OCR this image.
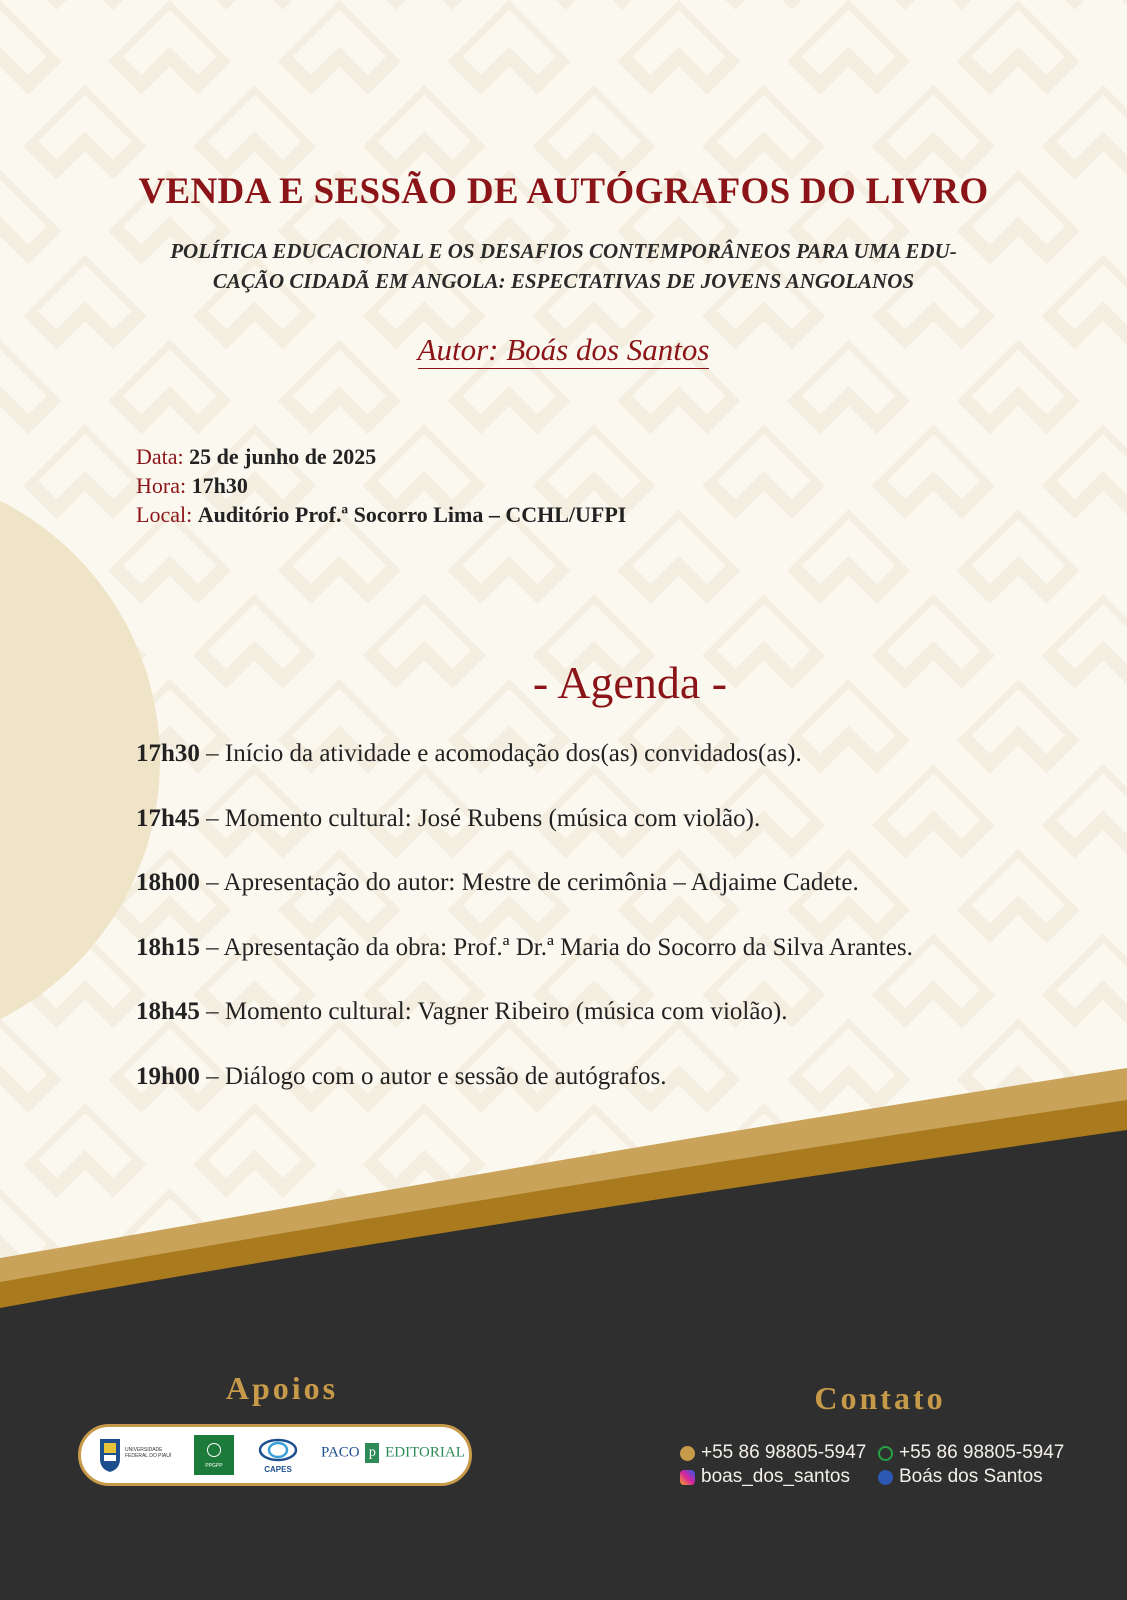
VENDA E SESSÃO DE AUTÓGRAFOS DO LIVRO
POLÍTICA EDUCACIONAL E OS DESAFIOS CONTEMPORÂNEOS PARA UMA EDU-
CAÇÃO CIDADÃ EM ANGOLA: ESPECTATIVAS DE JOVENS ANGOLANOS
Autor: Boás dos Santos
Data: 25 de junho de 2025
Hora: 17h30
Local: Auditório Prof.ª Socorro Lima – CCHL/UFPI
- Agenda -
17h30 – Início da atividade e acomodação dos(as) convidados(as).
17h45 – Momento cultural: José Rubens (música com violão).
18h00 – Apresentação do autor: Mestre de cerimônia – Adjaime Cadete.
18h15 – Apresentação da obra: Prof.ª Dr.ª Maria do Socorro da Silva Arantes.
18h45 – Momento cultural: Vagner Ribeiro (música com violão).
19h00 – Diálogo com o autor e sessão de autógrafos.
Apoios
UNIVERSIDADE FEDERAL DO PIAUÍ
PPGPP	CAPES
PACO p EDITORIAL
Contato
+55 86 98805-5947 +55 86 98805-5947
boas_dos_santos	Boás dos Santos
